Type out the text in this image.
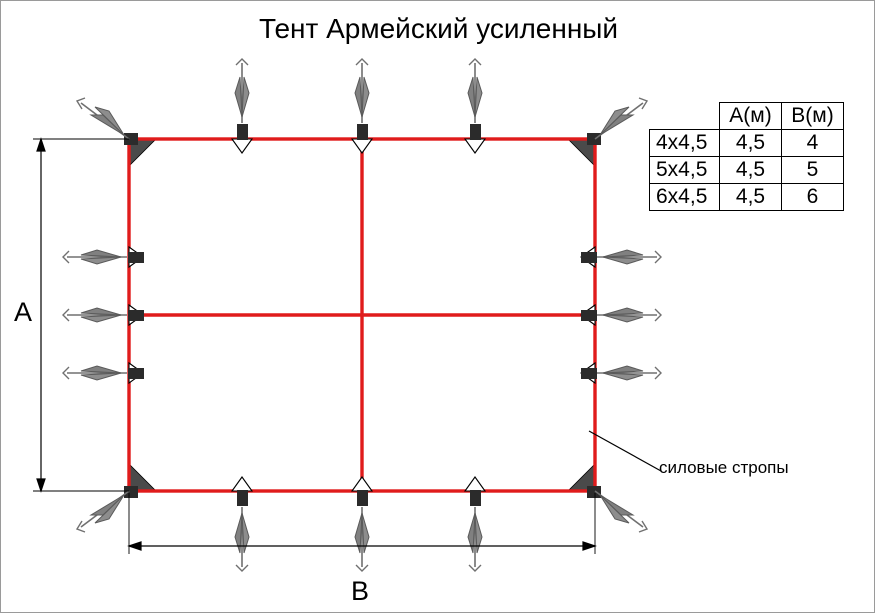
Тент Армейский усиленный
A
B
силовые стропы
	A(м)	B(м)
4х4,5	4,5	4
5х4,5	4,5	5
6х4,5	4,5	6
